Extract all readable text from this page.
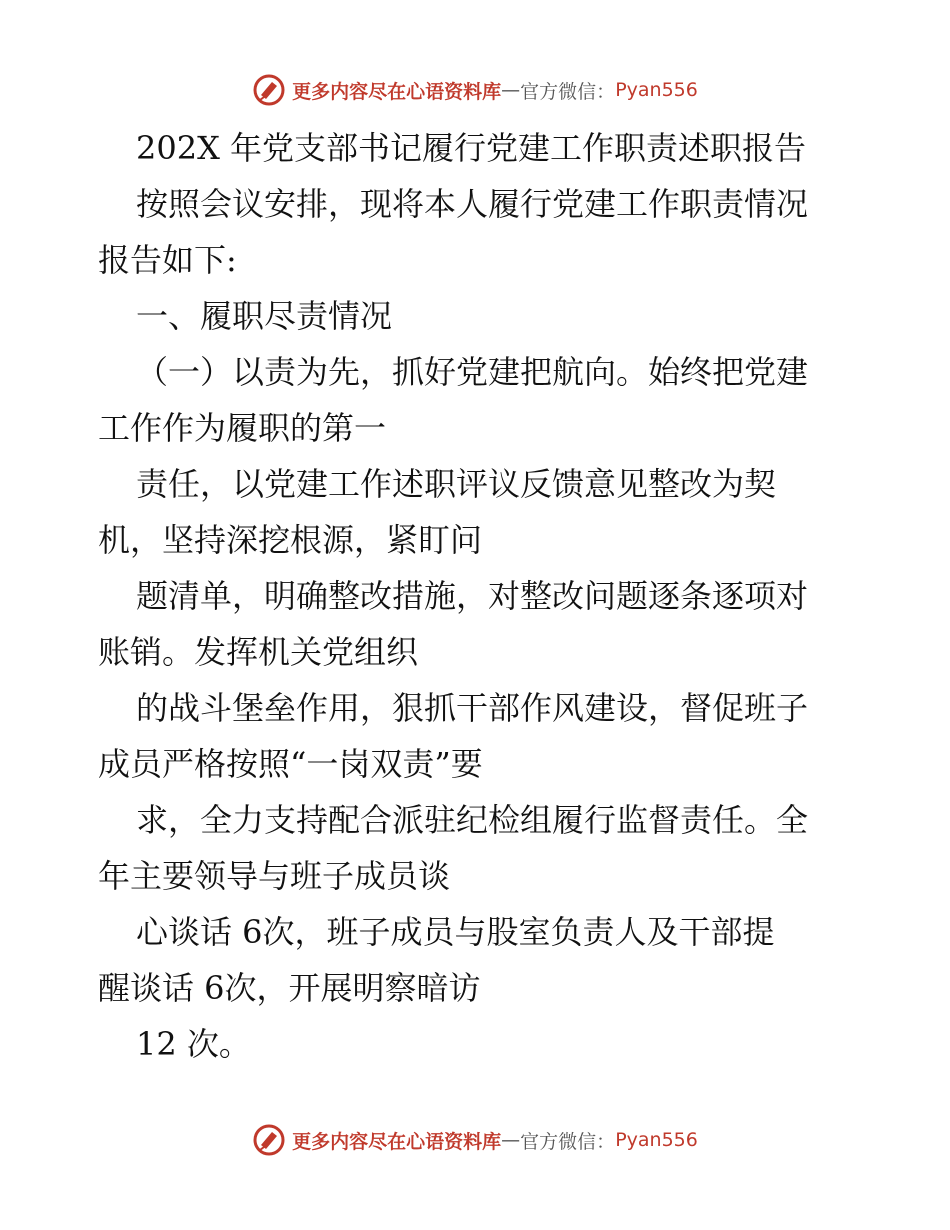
更多内容尽在心语资料库 — 官方微信： Pyan556
202X 年党支部书记履行党建工作职责述职报告
按照会议安排，现将本人履行党建工作职责情况
报告如下:
一、履职尽责情况
（一）以责为先，抓好党建把航向。始终把党建
工作作为履职的第一
责任，以党建工作述职评议反馈意见整改为契
机，坚持深挖根源，紧盯问
题清单，明确整改措施，对整改问题逐条逐项对
账销。发挥机关党组织
的战斗堡垒作用，狠抓干部作风建设，督促班子
成员严格按照“一岗双责”要
求，全力支持配合派驻纪检组履行监督责任。全
年主要领导与班子成员谈
心谈话 6次，班子成员与股室负责人及干部提
醒谈话 6次，开展明察暗访
12 次。
更多内容尽在心语资料库 — 官方微信： Pyan556
